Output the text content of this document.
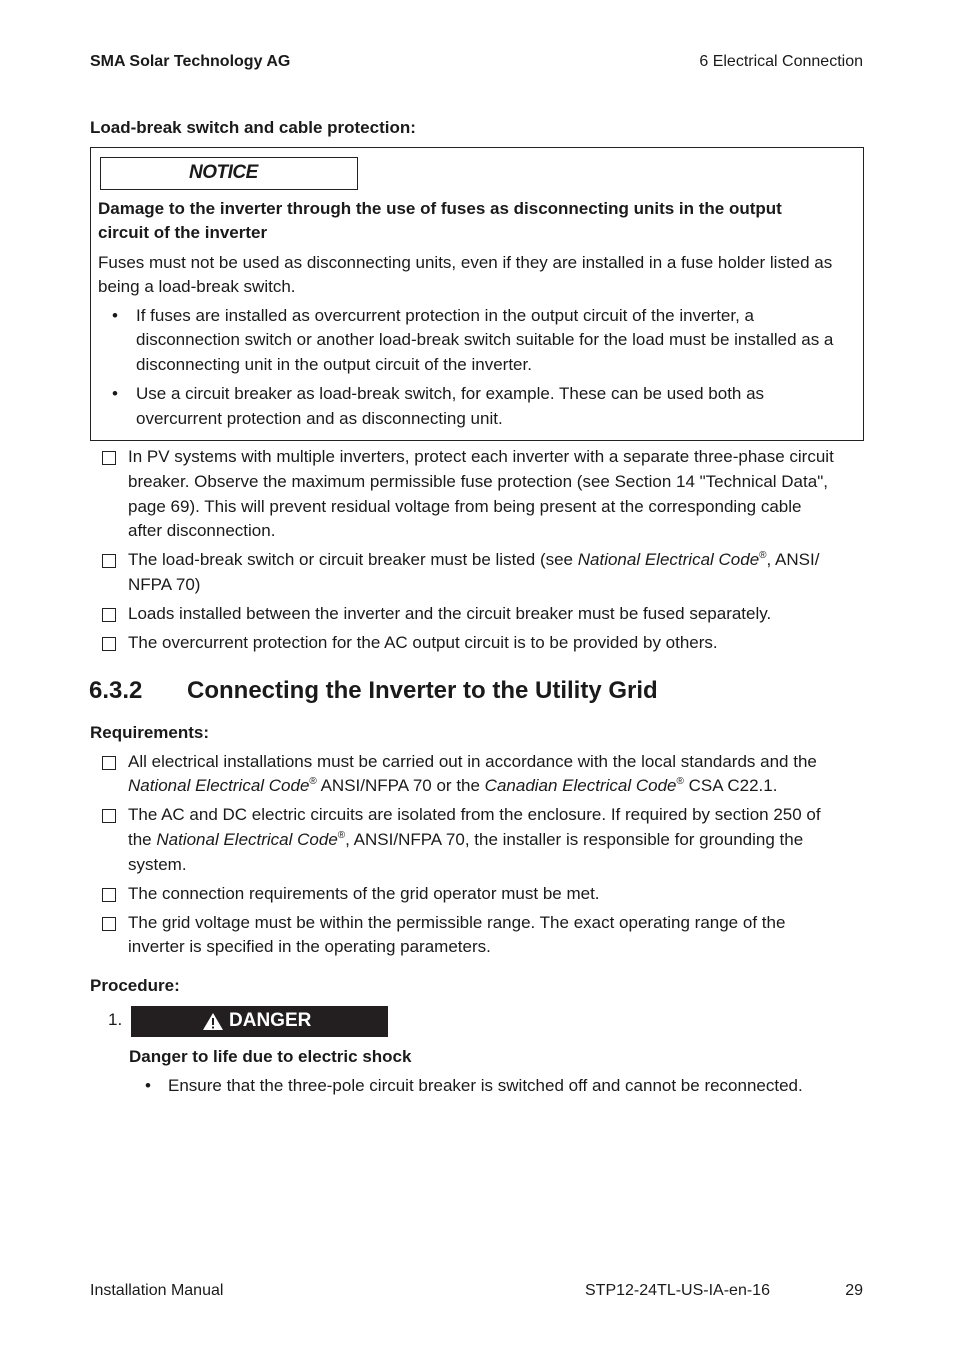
SMA Solar Technology AG	6 Electrical Connection
Load-break switch and cable protection:
NOTICE
Damage to the inverter through the use of fuses as disconnecting units in the output
circuit of the inverter
Fuses must not be used as disconnecting units, even if they are installed in a fuse holder listed as
being a load-break switch.
• If fuses are installed as overcurrent protection in the output circuit of the inverter, a
disconnection switch or another load-break switch suitable for the load must be installed as a
disconnecting unit in the output circuit of the inverter.
• Use a circuit breaker as load-break switch, for example. These can be used both as
overcurrent protection and as disconnecting unit.
In PV systems with multiple inverters, protect each inverter with a separate three-phase circuit
breaker. Observe the maximum permissible fuse protection (see Section 14 "Technical Data",
page 69). This will prevent residual voltage from being present at the corresponding cable
after disconnection.
The load-break switch or circuit breaker must be listed (see National Electrical Code®, ANSI/
NFPA 70)
Loads installed between the inverter and the circuit breaker must be fused separately.
The overcurrent protection for the AC output circuit is to be provided by others.
6.3.2 Connecting the Inverter to the Utility Grid
Requirements:
All electrical installations must be carried out in accordance with the local standards and the
National Electrical Code® ANSI/NFPA 70 or the Canadian Electrical Code® CSA C22.1.
The AC and DC electric circuits are isolated from the enclosure. If required by section 250 of
the National Electrical Code®, ANSI/NFPA 70, the installer is responsible for grounding the
system.
The connection requirements of the grid operator must be met.
The grid voltage must be within the permissible range. The exact operating range of the
inverter is specified in the operating parameters.
Procedure:
1.	DANGER
Danger to life due to electric shock
• Ensure that the three-pole circuit breaker is switched off and cannot be reconnected.
Installation Manual	STP12-24TL-US-IA-en-16	29
